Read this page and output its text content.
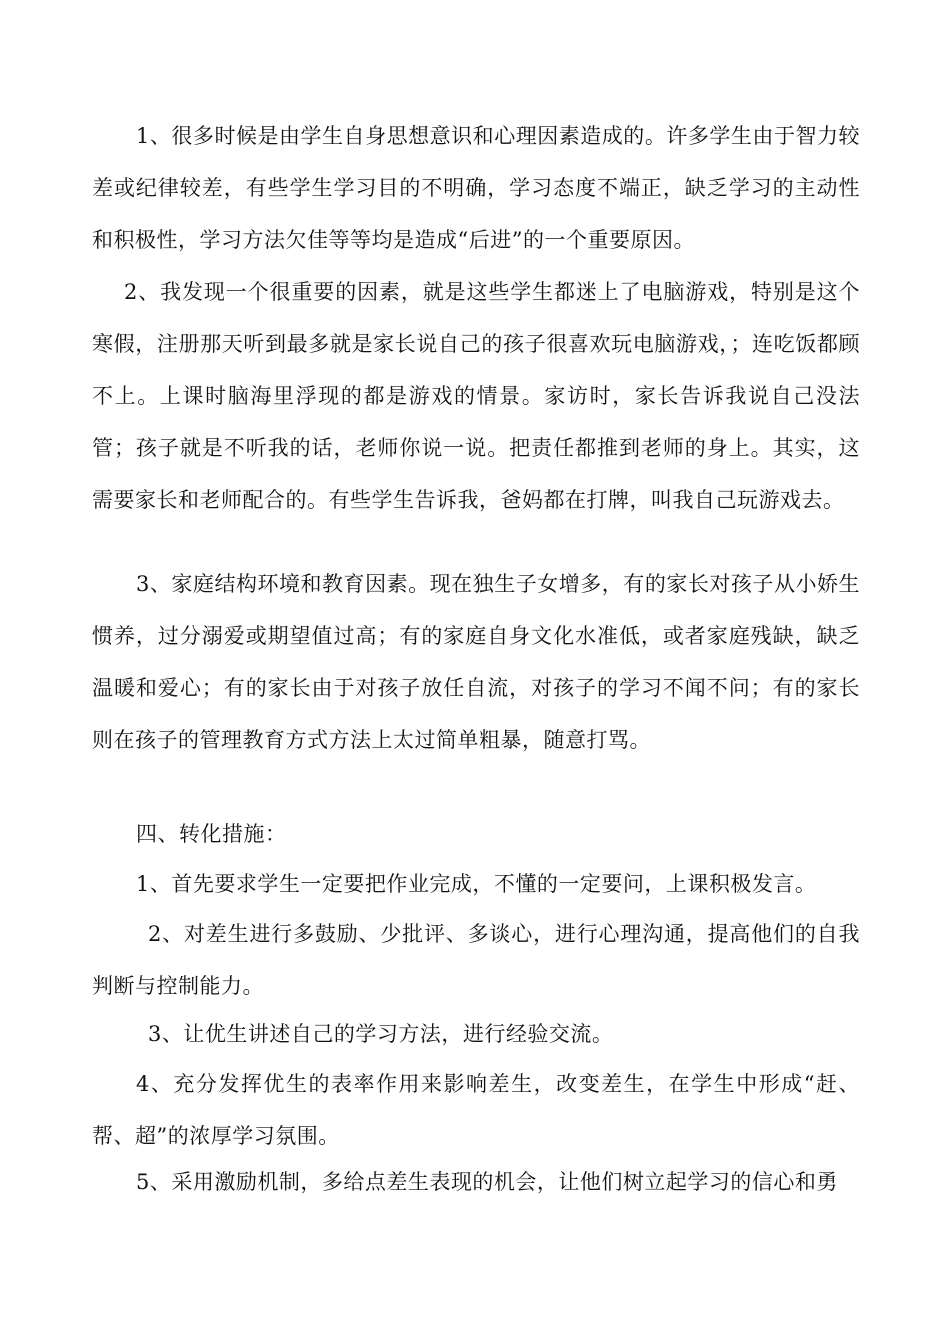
1、很多时候是由学生自身思想意识和心理因素造成的。许多学生由于智力较差或纪律较差，有些学生学习目的不明确，学习态度不端正，缺乏学习的主动性和积极性，学习方法欠佳等等均是造成“后进”的一个重要原因。

2、我发现一个很重要的因素，就是这些学生都迷上了电脑游戏，特别是这个寒假，注册那天听到最多就是家长说自己的孩子很喜欢玩电脑游戏，；连吃饭都顾不上。上课时脑海里浮现的都是游戏的情景。家访时，家长告诉我说自己没法管；孩子就是不听我的话，老师你说一说。把责任都推到老师的身上。其实，这需要家长和老师配合的。有些学生告诉我，爸妈都在打牌，叫我自己玩游戏去。

3、家庭结构环境和教育因素。现在独生子女增多，有的家长对孩子从小娇生惯养，过分溺爱或期望值过高；有的家庭自身文化水准低，或者家庭残缺，缺乏温暖和爱心；有的家长由于对孩子放任自流，对孩子的学习不闻不问；有的家长则在孩子的管理教育方式方法上太过简单粗暴，随意打骂。

四、转化措施：

1、首先要求学生一定要把作业完成，不懂的一定要问，上课积极发言。

2、对差生进行多鼓励、少批评、多谈心，进行心理沟通，提高他们的自我判断与控制能力。

3、让优生讲述自己的学习方法，进行经验交流。

4、充分发挥优生的表率作用来影响差生，改变差生，在学生中形成“赶、帮、超”的浓厚学习氛围。

5、采用激励机制，多给点差生表现的机会，让他们树立起学习的信心和勇
